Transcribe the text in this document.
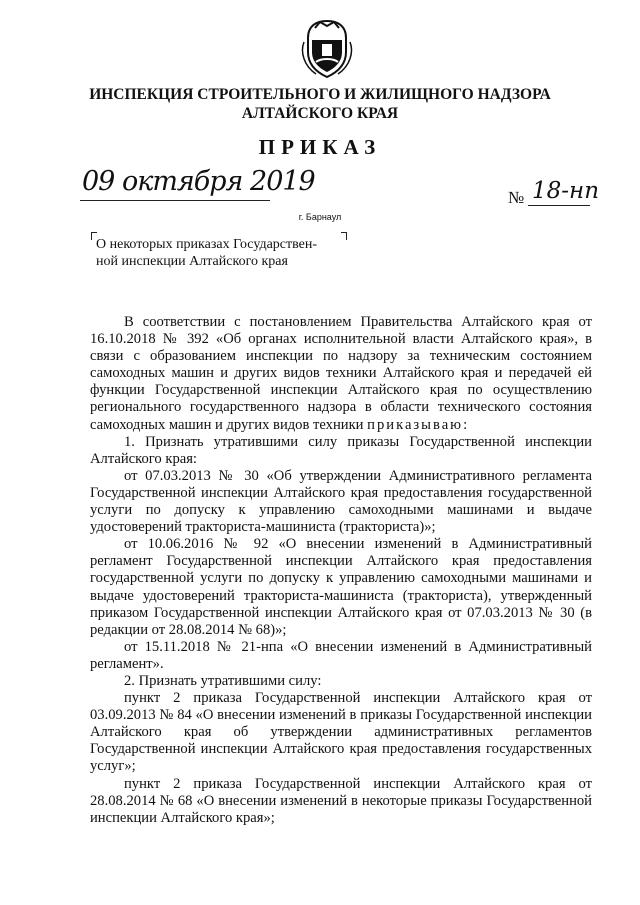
ИНСПЕКЦИЯ СТРОИТЕЛЬНОГО И ЖИЛИЩНОГО НАДЗОРА
АЛТАЙСКОГО КРАЯ
ПРИКАЗ
09 октября 2019
№ 18-нп
г. Барнаул
О некоторых приказах Государствен-
ной инспекции Алтайского края

В соответствии с постановлением Правительства Алтайского края от 16.10.2018 № 392 «Об органах исполнительной власти Алтайского края», в связи с образованием инспекции по надзору за техническим состоянием самоходных машин и других видов техники Алтайского края и передачей ей функции Государственной инспекции Алтайского края по осуществлению регионального государственного надзора в области технического состояния самоходных машин и других видов техники приказываю:

1. Признать утратившими силу приказы Государственной инспекции Алтайского края:

от 07.03.2013 № 30 «Об утверждении Административного регламента Государственной инспекции Алтайского края предоставления государственной услуги по допуску к управлению самоходными машинами и выдаче удостоверений тракториста-машиниста (тракториста)»;

от 10.06.2016 № 92 «О внесении изменений в Административный регламент Государственной инспекции Алтайского края предоставления государственной услуги по допуску к управлению самоходными машинами и выдаче удостоверений тракториста-машиниста (тракториста), утвержденный приказом Государственной инспекции Алтайского края от 07.03.2013 № 30 (в редакции от 28.08.2014 № 68)»;

от 15.11.2018 № 21-нпа «О внесении изменений в Административный регламент».

2. Признать утратившими силу:

пункт 2 приказа Государственной инспекции Алтайского края от 03.09.2013 № 84 «О внесении изменений в приказы Государственной инспекции Алтайского края об утверждении административных регламентов Государственной инспекции Алтайского края предоставления государственных услуг»;

пункт 2 приказа Государственной инспекции Алтайского края от 28.08.2014 № 68 «О внесении изменений в некоторые приказы Государственной инспекции Алтайского края»;
